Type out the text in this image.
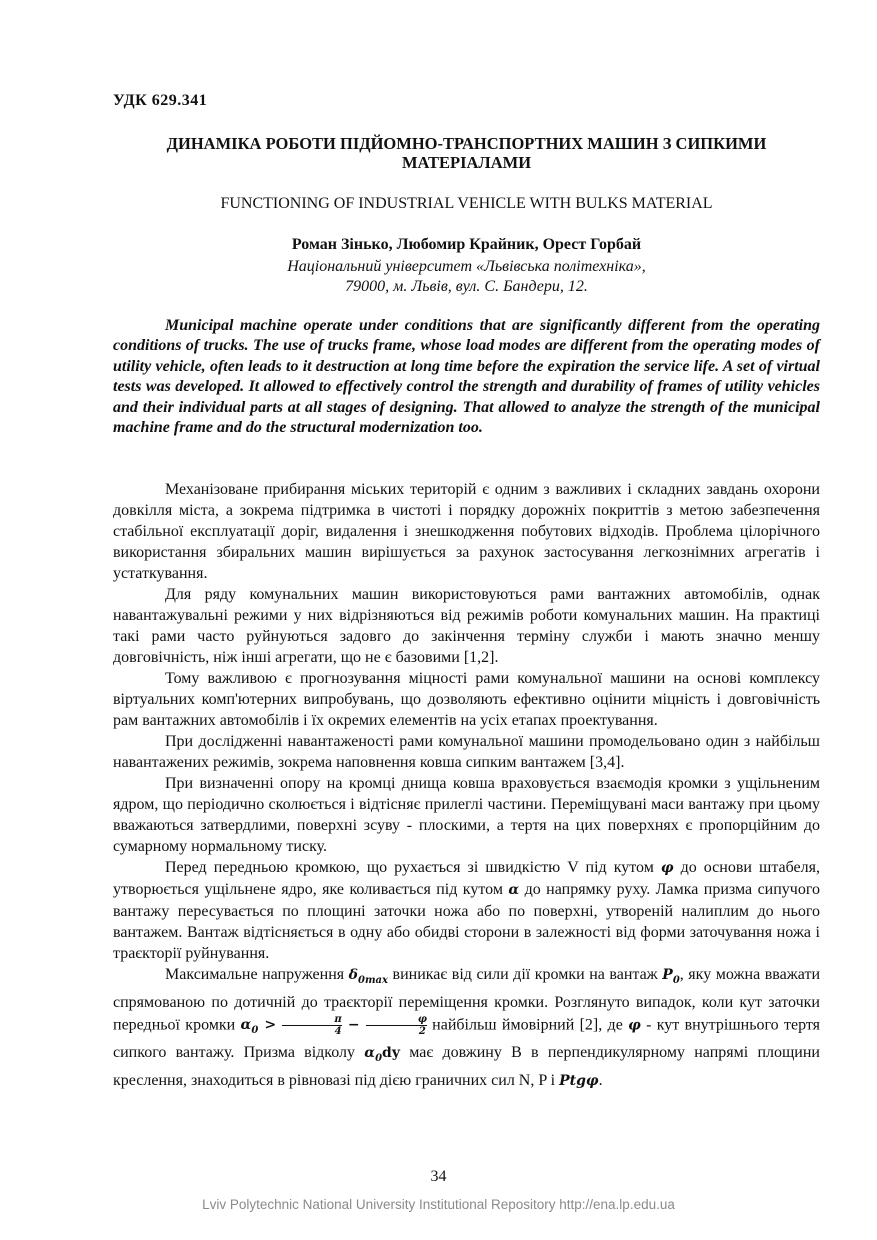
УДК 629.341
ДИНАМІКА РОБОТИ ПІДЙОМНО-ТРАНСПОРТНИХ МАШИН З СИПКИМИ МАТЕРІАЛАМИ
FUNCTIONING OF INDUSTRIAL VEHICLE WITH BULKS MATERIAL
Роман Зінько, Любомир Крайник, Орест Горбай
Національний університет «Львівська політехніка»,
79000, м. Львів, вул. С. Бандери, 12.
Municipal machine operate under conditions that are significantly different from the operating conditions of trucks. The use of trucks frame, whose load modes are different from the operating modes of utility vehicle, often leads to it destruction at long time before the expiration the service life. A set of virtual tests was developed. It allowed to effectively control the strength and durability of frames of utility vehicles and their individual parts at all stages of designing. That allowed to analyze the strength of the municipal machine frame and do the structural modernization too.

Механізоване прибирання міських територій є одним з важливих і складних завдань охорони довкілля міста, а зокрема підтримка в чистоті і порядку дорожніх покриттів з метою забезпечення стабільної експлуатації доріг, видалення і знешкодження побутових відходів. Проблема цілорічного використання збиральних машин вирішується за рахунок застосування легкознімних агрегатів і устаткування.

Для ряду комунальних машин використовуються рами вантажних автомобілів, однак навантажувальні режими у них відрізняються від режимів роботи комунальних машин. На практиці такі рами часто руйнуються задовго до закінчення терміну служби і мають значно меншу довговічність, ніж інші агрегати, що не є базовими [1,2].

Тому важливою є прогнозування міцності рами комунальної машини на основі комплексу віртуальних комп'ютерних випробувань, що дозволяють ефективно оцінити міцність і довговічність рам вантажних автомобілів і їх окремих елементів на усіх етапах проектування.

При дослідженні навантаженості рами комунальної машини промодельовано один з найбільш навантажених режимів, зокрема наповнення ковша сипким вантажем [3,4].

При визначенні опору на кромці днища ковша враховується взаємодія кромки з ущільненим ядром, що періодично сколюється і відтісняє прилеглі частини. Переміщувані маси вантажу при цьому вважаються затвердлими, поверхні зсуву - плоскими, а тертя на цих поверхнях є пропорційним до сумарному нормальному тиску.

Перед передньою кромкою, що рухається зі швидкістю V під кутом φ до основи штабеля, утворюється ущільнене ядро, яке коливається під кутом α до напрямку руху. Ламка призма сипучого вантажу пересувається по площині заточки ножа або по поверхні, утвореній налиплим до нього вантажем. Вантаж відтісняється в одну або обидві сторони в залежності від форми заточування ножа і траєкторії руйнування.

Максимальне напруження $\delta_{0max}$ виникає від сили дії кромки на вантаж $P_0$, яку можна вважати спрямованою по дотичній до траєкторії переміщення кромки. Розглянуто випадок, коли кут заточки передньої кромки $\alpha_0 > \frac{\pi}{4} - \frac{\varphi}{2}$ найбільш ймовірний [2], де φ - кут внутрішнього тертя сипкого вантажу. Призма відколу $\alpha_0dy$ має довжину В в перпендикулярному напрямі площини креслення, знаходиться в рівновазі під дією граничних сил N, P і Ptgφ.

34
Lviv Polytechnic National University Institutional Repository http://ena.lp.edu.ua
